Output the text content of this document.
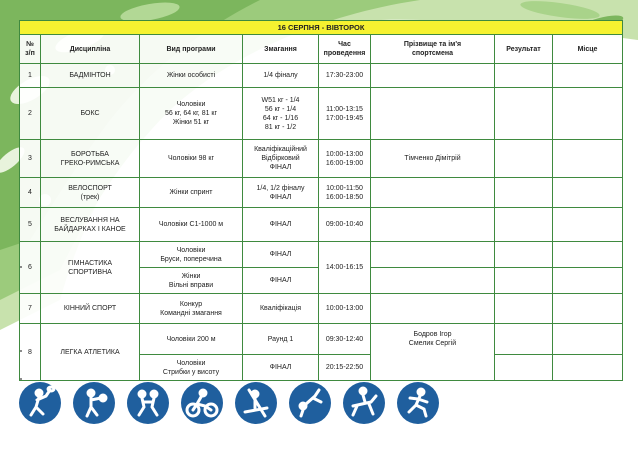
16 СЕРПНЯ - ВІВТОРОК							
№
з/п	Дисципліна	Вид програми	Змагання	Час
проведення	Прізвище та ім'я
спортсмена	Результат	Місце
1	БАДМІНТОН	Жінки особисті	1/4 фіналу	17:30-23:00			
2	БОКС	Чоловіки
56 кг, 64 кг, 81 кг
Жінки 51 кг	W51 кг - 1/4
56 кг - 1/4
64 кг - 1/16
81 кг - 1/2	11:00-13:15
17:00-19:45			
3	БОРОТЬБА
ГРЕКО-РИМСЬКА	Чоловіки 98 кг	Кваліфікаційний
Відбірковий
ФІНАЛ	10:00-13:00
16:00-19:00	Тімченко Дімітрій		
4	ВЕЛОСПОРТ
(трек)	Жінки спринт	1/4, 1/2 фіналу
ФІНАЛ	10:00-11:50
16:00-18:50			
5	ВЕСЛУВАННЯ НА
БАЙДАРКАХ І КАНОЕ	Чоловіки С1-1000 м	ФІНАЛ	09:00-10:40			
6	ГІМНАСТИКА
СПОРТИВНА	Чоловіки
Бруси, поперечина	ФІНАЛ	14:00-16:15			
		Жінки
Вільні вправи	ФІНАЛ				
7	КІННИЙ СПОРТ	Конкур
Командні змагання	Кваліфікація	10:00-13:00			
8	ЛЕГКА АТЛЕТИКА	Чоловіки 200 м	Раунд 1	09:30-12:40	Бодров Ігор
Смелик Сергій		
		Чоловіки
Стрибки у висоту	ФІНАЛ	20:15-22:50			
